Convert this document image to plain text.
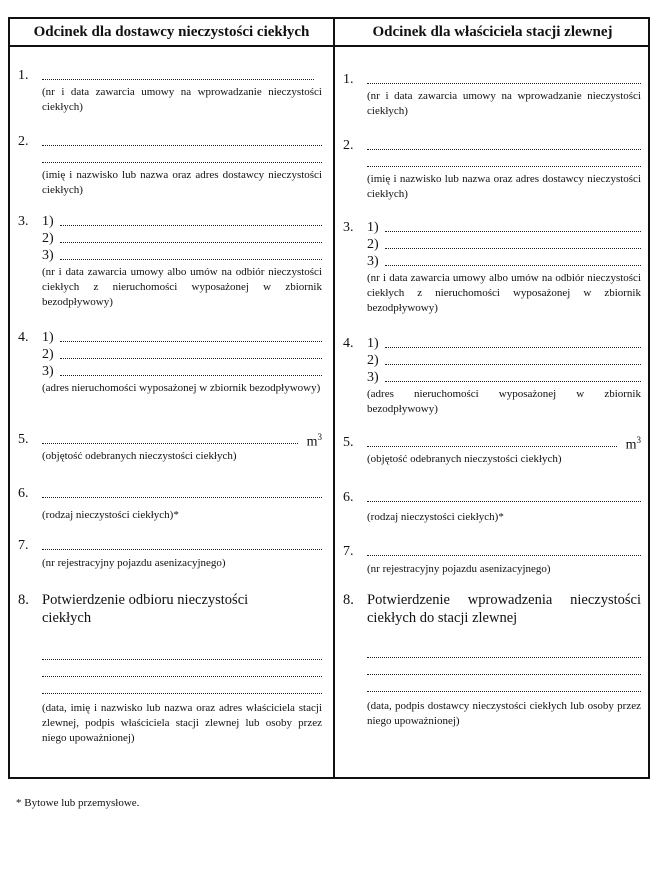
Odcinek dla dostawcy nieczystości ciekłych	Odcinek dla właściciela stacji zlewnej
1.
(nr i data zawarcia umowy na wprowadzanie nieczystości ciekłych)
2.
(imię i nazwisko lub nazwa oraz adres dostawcy nieczystości ciekłych)
3. 1)
2)
3)
(nr i data zawarcia umowy albo umów na odbiór nieczystości ciekłych z nieruchomości wyposażonej w zbiornik bezodpływowy)
4. 1)
2)
3)
(adres nieruchomości wyposażonej w zbiornik bezodpływowy)
5.	$m^3$
(objętość odebranych nieczystości ciekłych)
6.
(rodzaj nieczystości ciekłych)*
7.
(nr rejestracyjny pojazdu asenizacyjnego)
8. Potwierdzenie odbioru nieczystości ciekłych
(data, imię i nazwisko lub nazwa oraz adres właściciela stacji zlewnej, podpis właściciela stacji zlewnej lub osoby przez niego upoważnionej)
1.
(nr i data zawarcia umowy na wprowadzanie nieczystości ciekłych)
2.
(imię i nazwisko lub nazwa oraz adres dostawcy nieczystości ciekłych)
3. 1)
2)
3)
(nr i data zawarcia umowy albo umów na odbiór nieczystości ciekłych z nieruchomości wyposażonej w zbiornik bezodpływowy)
4. 1)
2)
3)
(adres nieruchomości wyposażonej w zbiornik bezodpływowy)
5.	$m^3$
(objętość odebranych nieczystości ciekłych)
6.
(rodzaj nieczystości ciekłych)*
7.
(nr rejestracyjny pojazdu asenizacyjnego)
8. Potwierdzenie wprowadzenia nieczystości ciekłych do stacji zlewnej
(data, podpis dostawcy nieczystości ciekłych lub osoby przez niego upoważnionej)
* Bytowe lub przemysłowe.
